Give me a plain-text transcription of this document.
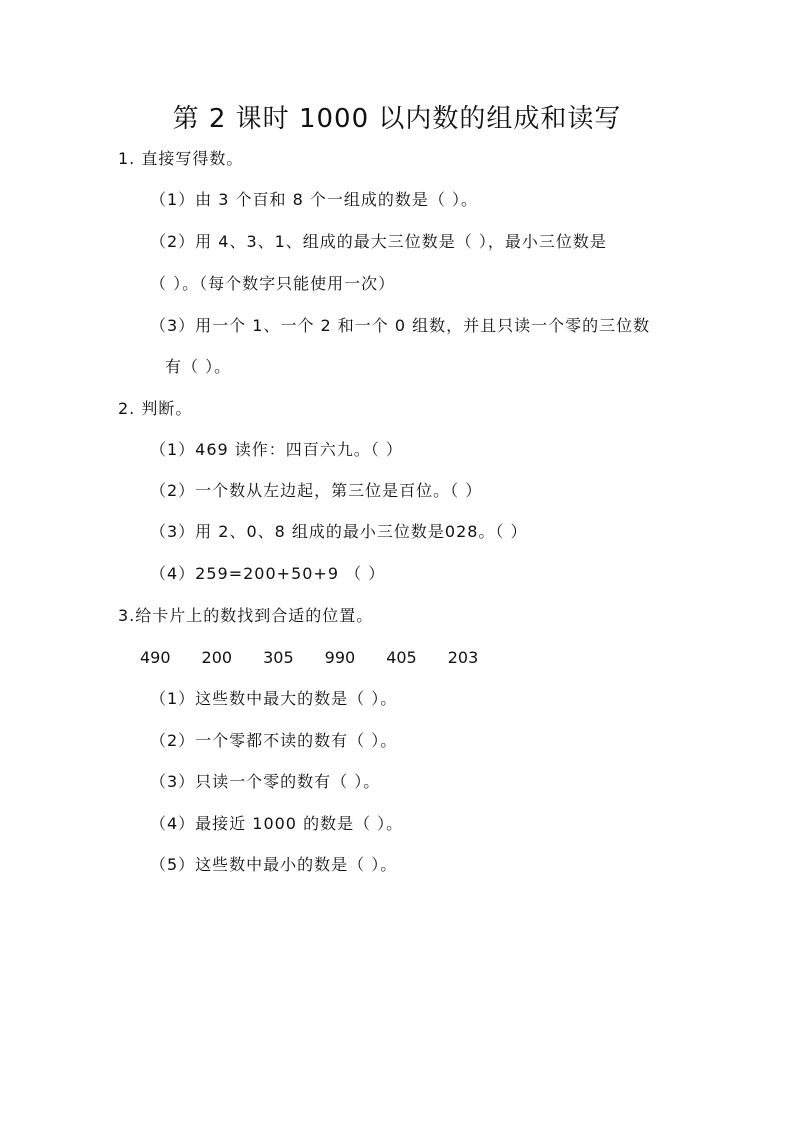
第 2 课时 1000 以内数的组成和读写
1. 直接写得数。
（1）由 3 个百和 8 个一组成的数是（ ）。
（2）用 4、3、1、组成的最大三位数是（ ），最小三位数是
（ ）。（每个数字只能使用一次）
（3）用一个 1、一个 2 和一个 0 组数，并且只读一个零的三位数
有（ ）。
2. 判断。
（1）469 读作：四百六九。（ ）
（2）一个数从左边起，第三位是百位。（ ）
（3）用 2、0、8 组成的最小三位数是028。（ ）
（4）259=200+50+9 （ ）
3.给卡片上的数找到合适的位置。
490 200 305 990 405 203
（1）这些数中最大的数是（ ）。
（2）一个零都不读的数有（ ）。
（3）只读一个零的数有（ ）。
（4）最接近 1000 的数是（ ）。
（5）这些数中最小的数是（ ）。
